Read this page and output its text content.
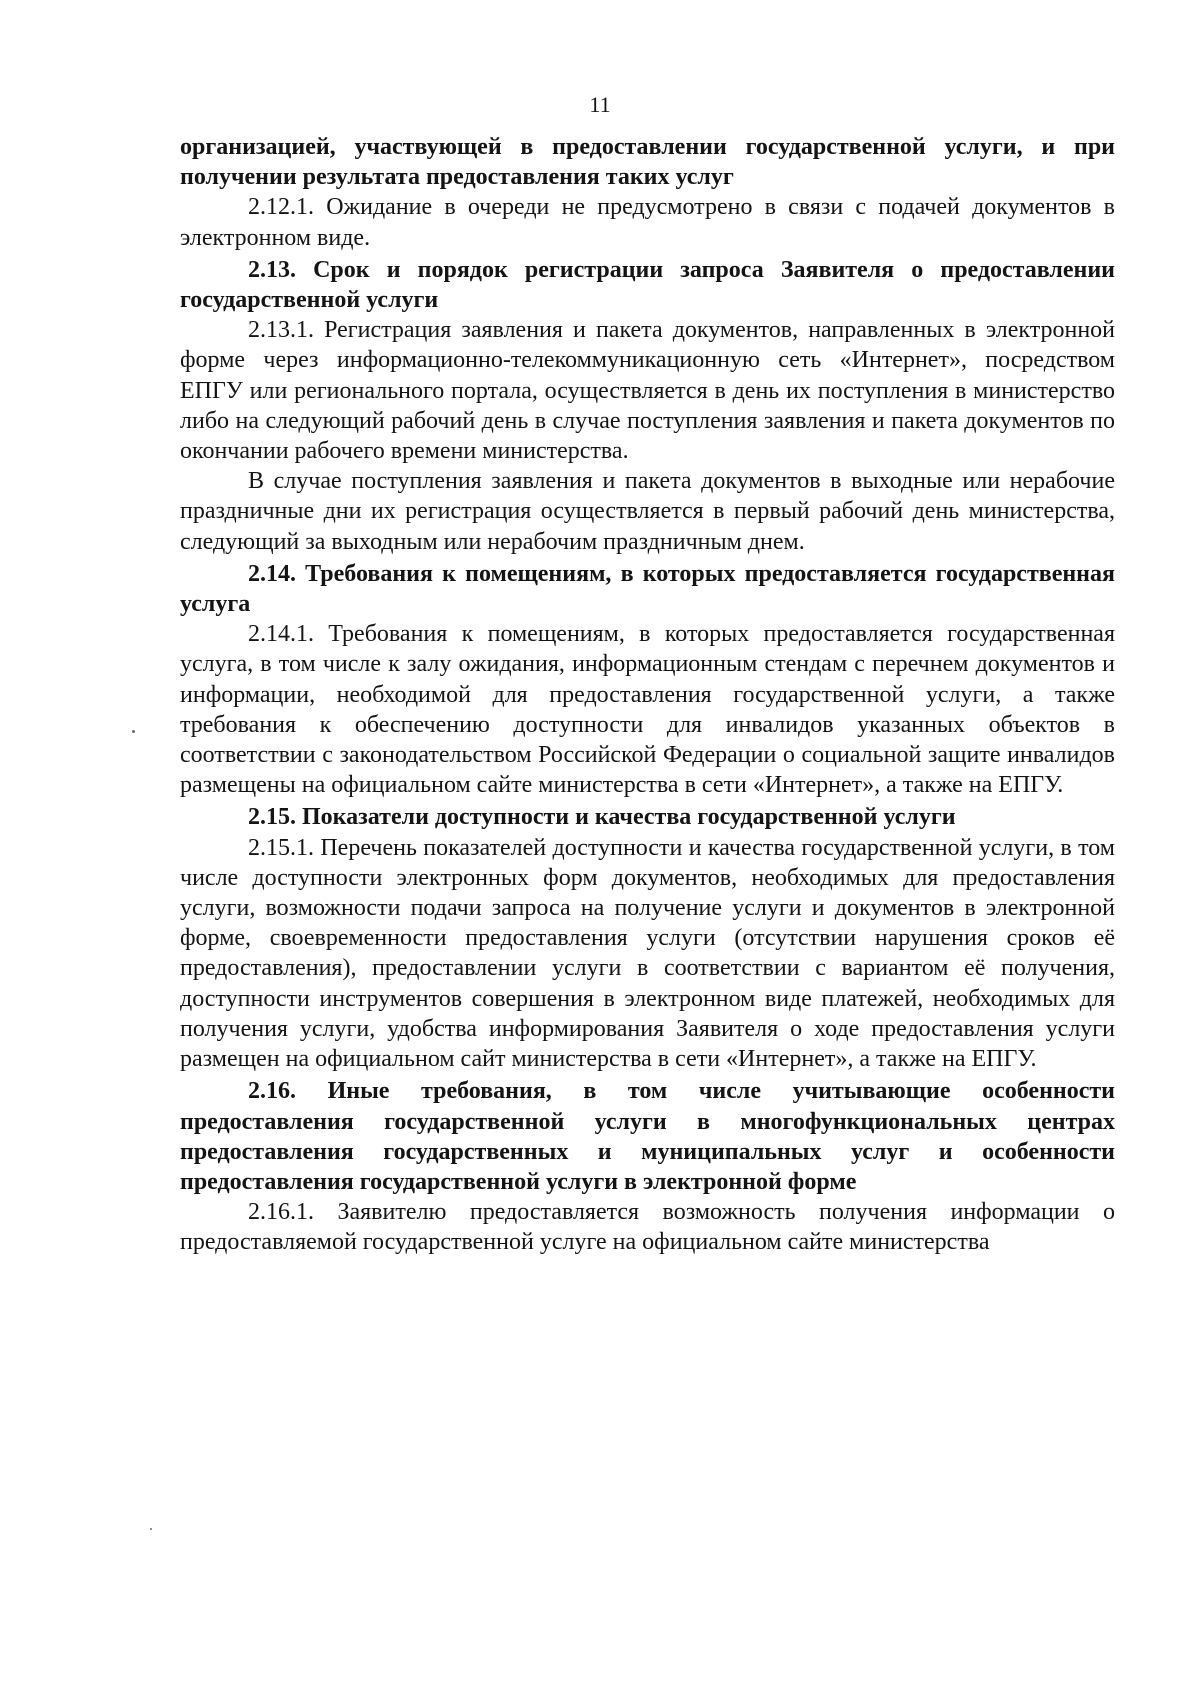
11

организацией, участвующей в предоставлении государственной услуги, и при получении результата предоставления таких услуг

2.12.1. Ожидание в очереди не предусмотрено в связи с подачей документов в электронном виде.

2.13. Срок и порядок регистрации запроса Заявителя о предоставлении государственной услуги

2.13.1. Регистрация заявления и пакета документов, направленных в электронной форме через информационно-телекоммуникационную сеть «Интернет», посредством ЕПГУ или регионального портала, осуществляется в день их поступления в министерство либо на следующий рабочий день в случае поступления заявления и пакета документов по окончании рабочего времени министерства.

В случае поступления заявления и пакета документов в выходные или нерабочие праздничные дни их регистрация осуществляется в первый рабочий день министерства, следующий за выходным или нерабочим праздничным днем.

2.14. Требования к помещениям, в которых предоставляется государственная услуга

2.14.1. Требования к помещениям, в которых предоставляется государственная услуга, в том числе к залу ожидания, информационным стендам с перечнем документов и информации, необходимой для предоставления государственной услуги, а также требования к обеспечению доступности для инвалидов указанных объектов в соответствии с законодательством Российской Федерации о социальной защите инвалидов размещены на официальном сайте министерства в сети «Интернет», а также на ЕПГУ.

2.15. Показатели доступности и качества государственной услуги

2.15.1. Перечень показателей доступности и качества государственной услуги, в том числе доступности электронных форм документов, необходимых для предоставления услуги, возможности подачи запроса на получение услуги и документов в электронной форме, своевременности предоставления услуги (отсутствии нарушения сроков её предоставления), предоставлении услуги в соответствии с вариантом её получения, доступности инструментов совершения в электронном виде платежей, необходимых для получения услуги, удобства информирования Заявителя о ходе предоставления услуги размещен на официальном сайт министерства в сети «Интернет», а также на ЕПГУ.

2.16. Иные требования, в том числе учитывающие особенности предоставления государственной услуги в многофункциональных центрах предоставления государственных и муниципальных услуг и особенности предоставления государственной услуги в электронной форме

2.16.1. Заявителю предоставляется возможность получения информации о предоставляемой государственной услуге на официальном сайте министерства
